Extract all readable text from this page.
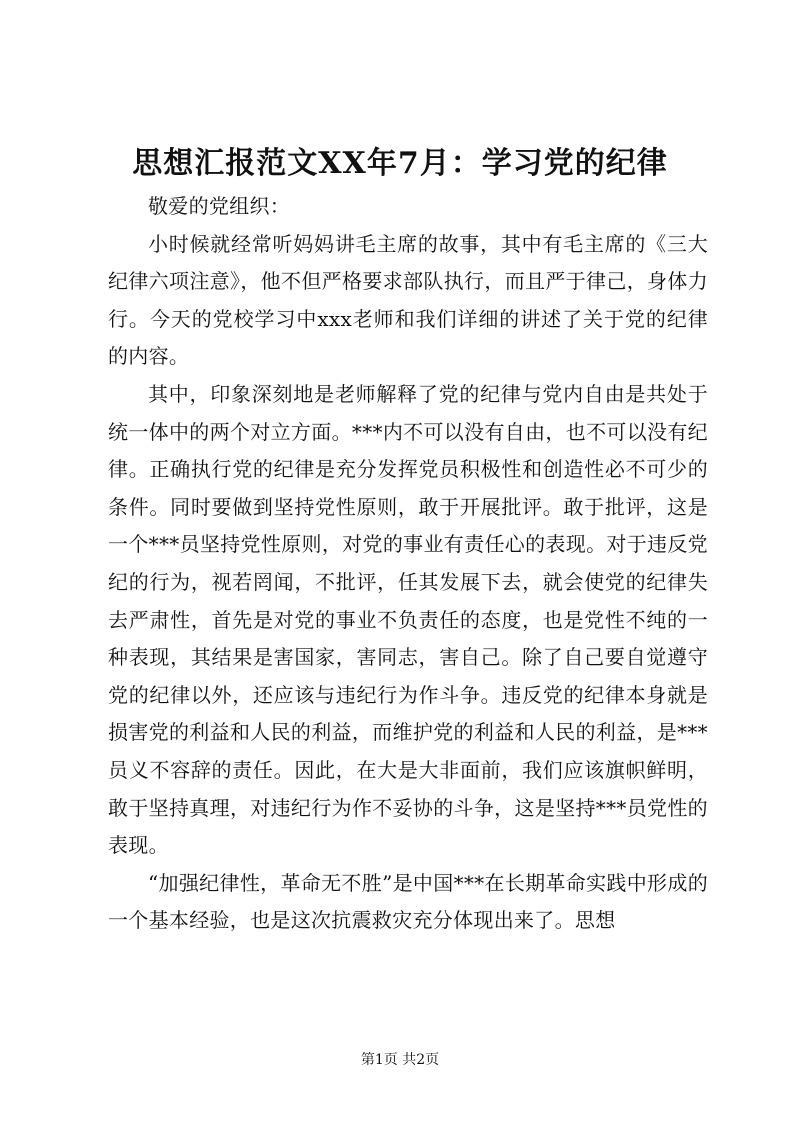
思想汇报范文XX年7月：学习党的纪律

敬爱的党组织：

小时候就经常听妈妈讲毛主席的故事，其中有毛主席的《三大纪律六项注意》，他不但严格要求部队执行，而且严于律己，身体力行。今天的党校学习中xxx老师和我们详细的讲述了关于党的纪律的内容。

其中，印象深刻地是老师解释了党的纪律与党内自由是共处于统一体中的两个对立方面。***内不可以没有自由，也不可以没有纪律。正确执行党的纪律是充分发挥党员积极性和创造性必不可少的条件。同时要做到坚持党性原则，敢于开展批评。敢于批评，这是一个***员坚持党性原则，对党的事业有责任心的表现。对于违反党纪的行为，视若罔闻，不批评，任其发展下去，就会使党的纪律失去严肃性，首先是对党的事业不负责任的态度，也是党性不纯的一种表现，其结果是害国家，害同志，害自己。除了自己要自觉遵守党的纪律以外，还应该与违纪行为作斗争。违反党的纪律本身就是损害党的利益和人民的利益，而维护党的利益和人民的利益，是***员义不容辞的责任。因此，在大是大非面前，我们应该旗帜鲜明，敢于坚持真理，对违纪行为作不妥协的斗争，这是坚持***员党性的表现。

“加强纪律性，革命无不胜”是中国***在长期革命实践中形成的一个基本经验，也是这次抗震救灾充分体现出来了。思想

第1页 共2页
